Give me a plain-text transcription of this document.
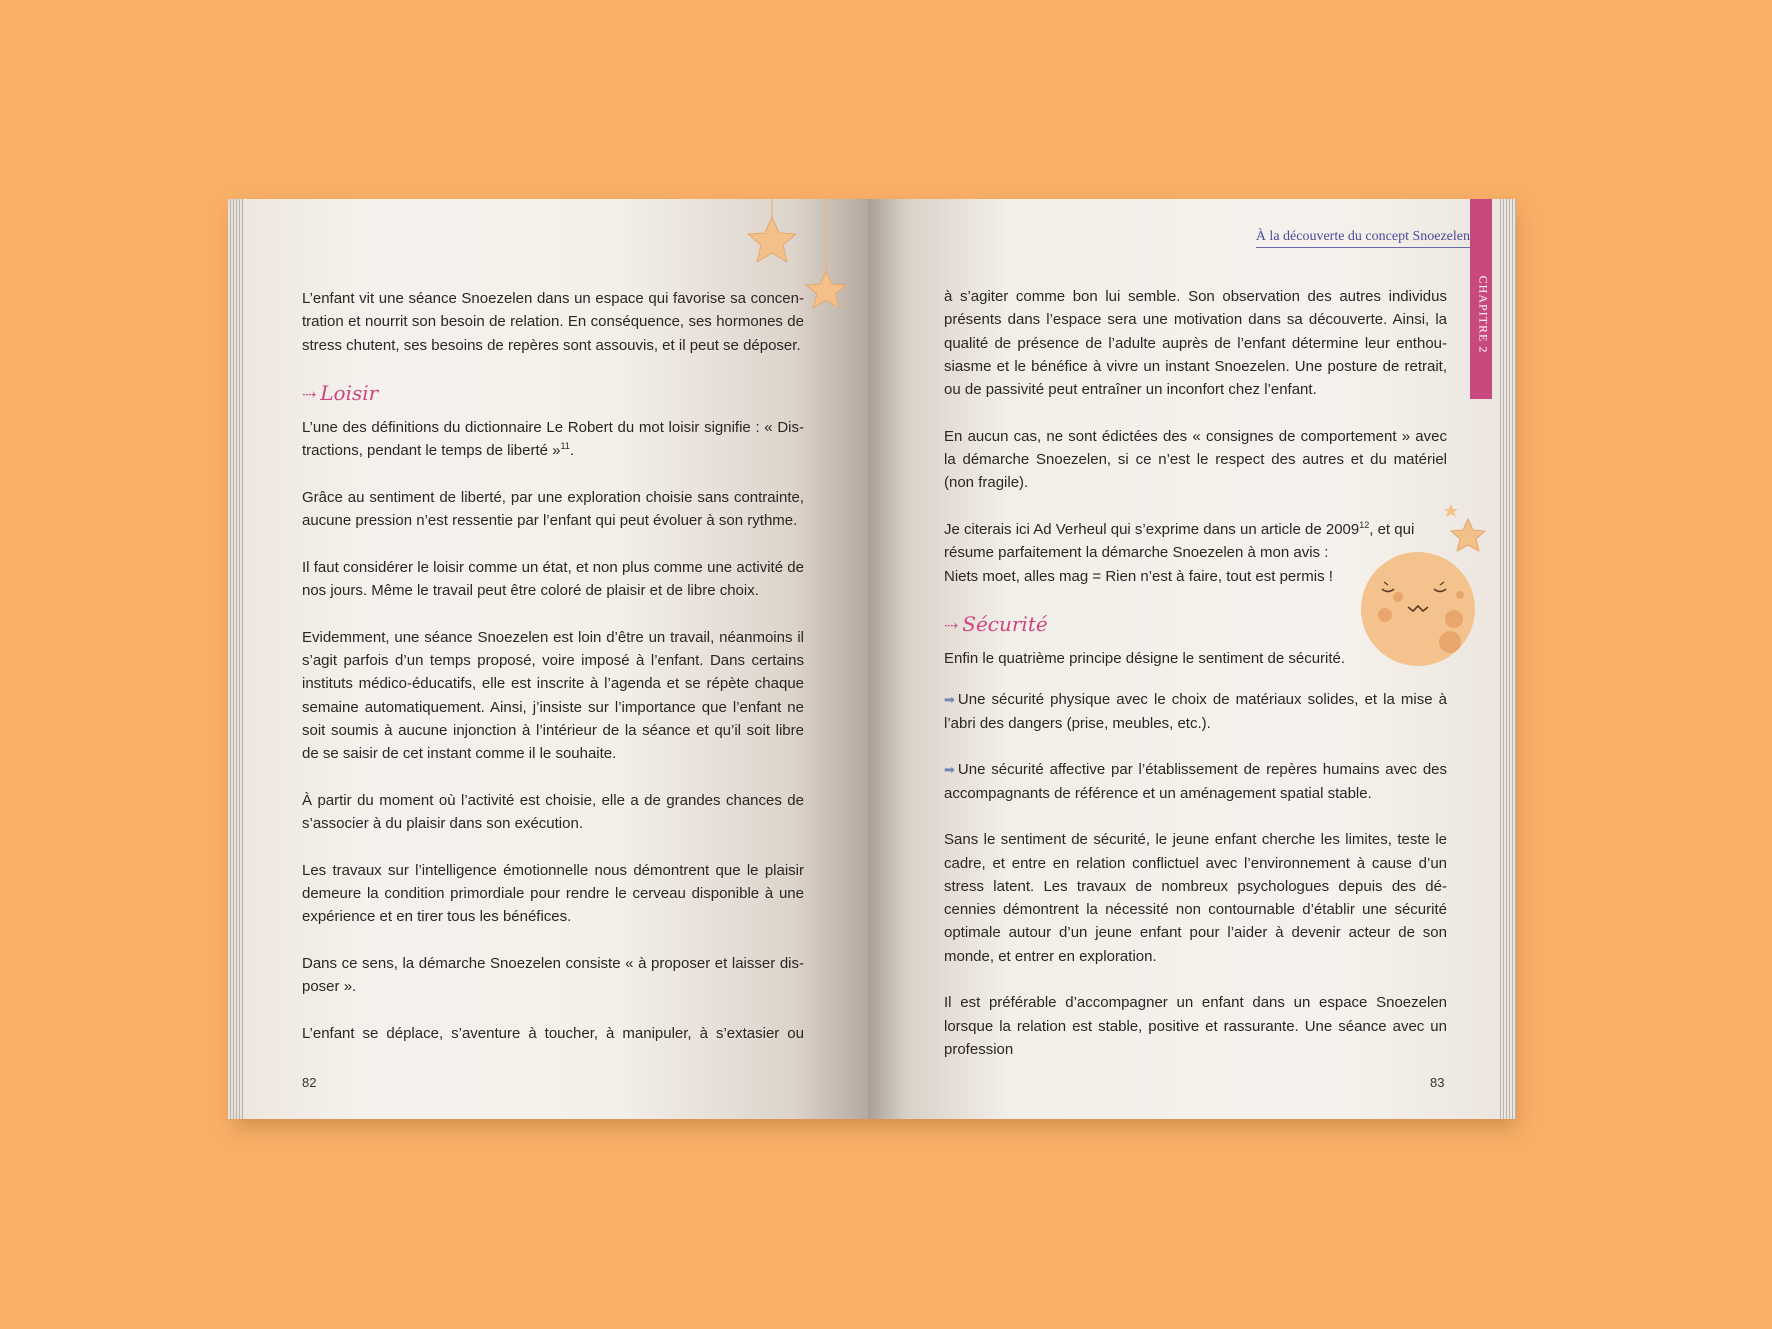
L’enfant vit une séance Snoezelen dans un espace qui favorise sa concentration et nourrit son besoin de relation. En conséquence, ses hormones de stress chutent, ses besoins de repères sont assouvis, et il peut se déposer.

⇢ Loisir

L’une des définitions du dictionnaire Le Robert du mot loisir signifie : « Distractions, pendant le temps de liberté »$^{11}$.

Grâce au sentiment de liberté, par une exploration choisie sans contrainte, aucune pression n’est ressentie par l’enfant qui peut évoluer à son rythme.

Il faut considérer le loisir comme un état, et non plus comme une activité de nos jours. Même le travail peut être coloré de plaisir et de libre choix.

Evidemment, une séance Snoezelen est loin d’être un travail, néanmoins il s’agit parfois d’un temps proposé, voire imposé à l’enfant. Dans certains instituts médico-éducatifs, elle est inscrite à l’agenda et se répète chaque semaine automatiquement. Ainsi, j’insiste sur l’importance que l’enfant ne soit soumis à aucune injonction à l’intérieur de la séance et qu’il soit libre de se saisir de cet instant comme il le souhaite.

À partir du moment où l’activité est choisie, elle a de grandes chances de s’associer à du plaisir dans son exécution.

Les travaux sur l’intelligence émotionnelle nous démontrent que le plaisir demeure la condition primordiale pour rendre le cerveau disponible à une expérience et en tirer tous les bénéfices.

Dans ce sens, la démarche Snoezelen consiste « à proposer et laisser disposer ».

L’enfant se déplace, s’aventure à toucher, à manipuler, à s’extasier ou

82
À la découverte du concept Snoezelen
CHAPITRE 2

à s’agiter comme bon lui semble. Son observation des autres individus présents dans l’espace sera une motivation dans sa découverte. Ainsi, la qualité de présence de l’adulte auprès de l’enfant détermine leur enthousiasme et le bénéfice à vivre un instant Snoezelen. Une posture de retrait, ou de passivité peut entraîner un inconfort chez l’enfant.

En aucun cas, ne sont édictées des « consignes de comportement » avec la démarche Snoezelen, si ce n’est le respect des autres et du matériel (non fragile).

Je citerais ici Ad Verheul qui s’exprime dans un article de 2009$^{12}$, et qui résume parfaitement la démarche Snoezelen à mon avis :
Niets moet, alles mag = Rien n’est à faire, tout est permis !

⇢ Sécurité

Enfin le quatrième principe désigne le sentiment de sécurité.

➡ Une sécurité physique avec le choix de matériaux solides, et la mise à l’abri des dangers (prise, meubles, etc.).

➡ Une sécurité affective par l’établissement de repères humains avec des accompagnants de référence et un aménagement spatial stable.

Sans le sentiment de sécurité, le jeune enfant cherche les limites, teste le cadre, et entre en relation conflictuel avec l’environnement à cause d’un stress latent. Les travaux de nombreux psychologues depuis des décennies démontrent la nécessité non contournable d’établir une sécurité optimale autour d’un jeune enfant pour l’aider à devenir acteur de son monde, et entrer en exploration.

Il est préférable d’accompagner un enfant dans un espace Snoezelen lorsque la relation est stable, positive et rassurante. Une séance avec un profession

83
